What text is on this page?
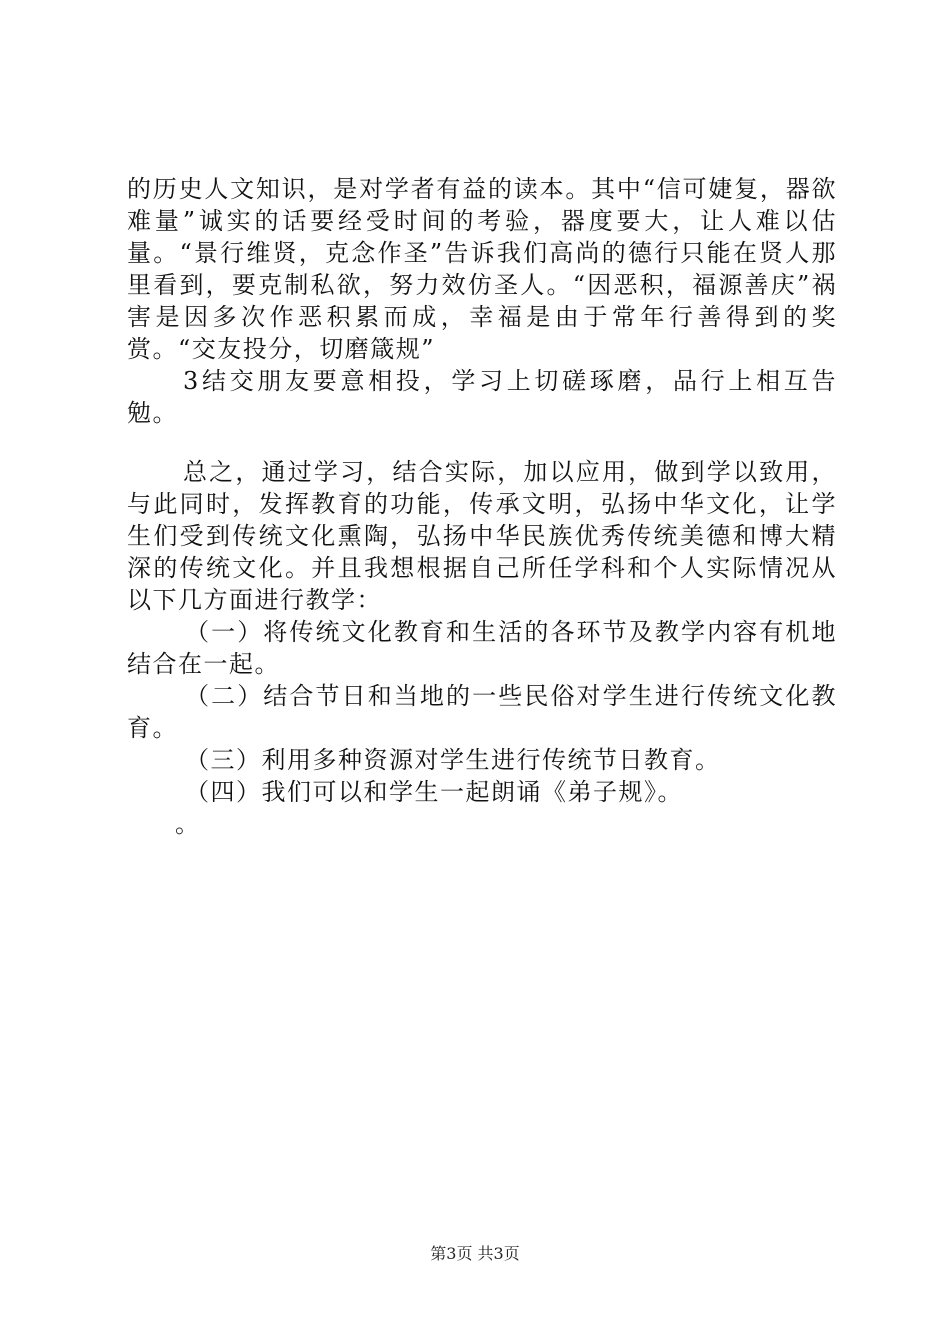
的历史人文知识，是对学者有益的读本。其中“信可婕复，器欲难量”诚实的话要经受时间的考验，器度要大，让人难以估量。“景行维贤，克念作圣”告诉我们高尚的德行只能在贤人那里看到，要克制私欲，努力效仿圣人。“因恶积，福源善庆”祸害是因多次作恶积累而成，幸福是由于常年行善得到的奖赏。“交友投分，切磨箴规”

3结交朋友要意相投，学习上切磋琢磨，品行上相互告勉。

总之，通过学习，结合实际，加以应用，做到学以致用，与此同时，发挥教育的功能，传承文明，弘扬中华文化，让学生们受到传统文化熏陶，弘扬中华民族优秀传统美德和博大精深的传统文化。并且我想根据自己所任学科和个人实际情况从以下几方面进行教学：

（一）将传统文化教育和生活的各环节及教学内容有机地结合在一起。

（二）结合节日和当地的一些民俗对学生进行传统文化教育。

（三）利用多种资源对学生进行传统节日教育。

（四）我们可以和学生一起朗诵《弟子规》。

。

第3页 共3页
